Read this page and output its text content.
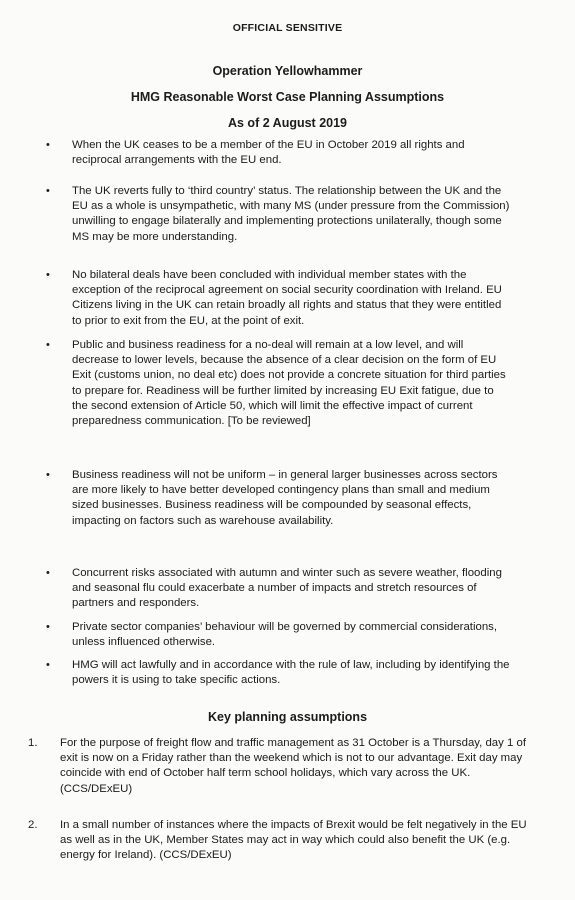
OFFICIAL SENSITIVE
Operation Yellowhammer
HMG Reasonable Worst Case Planning Assumptions
As of 2 August 2019
• When the UK ceases to be a member of the EU in October 2019 all rights and reciprocal arrangements with the EU end.
• The UK reverts fully to ‘third country’ status. The relationship between the UK and the EU as a whole is unsympathetic, with many MS (under pressure from the Commission) unwilling to engage bilaterally and implementing protections unilaterally, though some MS may be more understanding.
• No bilateral deals have been concluded with individual member states with the exception of the reciprocal agreement on social security coordination with Ireland. EU Citizens living in the UK can retain broadly all rights and status that they were entitled to prior to exit from the EU, at the point of exit.
• Public and business readiness for a no-deal will remain at a low level, and will decrease to lower levels, because the absence of a clear decision on the form of EU Exit (customs union, no deal etc) does not provide a concrete situation for third parties to prepare for. Readiness will be further limited by increasing EU Exit fatigue, due to the second extension of Article 50, which will limit the effective impact of current preparedness communication. [To be reviewed]
• Business readiness will not be uniform – in general larger businesses across sectors are more likely to have better developed contingency plans than small and medium sized businesses. Business readiness will be compounded by seasonal effects, impacting on factors such as warehouse availability.
• Concurrent risks associated with autumn and winter such as severe weather, flooding and seasonal flu could exacerbate a number of impacts and stretch resources of partners and responders.
• Private sector companies’ behaviour will be governed by commercial considerations, unless influenced otherwise.
• HMG will act lawfully and in accordance with the rule of law, including by identifying the powers it is using to take specific actions.
Key planning assumptions
1. For the purpose of freight flow and traffic management as 31 October is a Thursday, day 1 of exit is now on a Friday rather than the weekend which is not to our advantage. Exit day may coincide with end of October half term school holidays, which vary across the UK. (CCS/DExEU)
2. In a small number of instances where the impacts of Brexit would be felt negatively in the EU as well as in the UK, Member States may act in way which could also benefit the UK (e.g. energy for Ireland). (CCS/DExEU)
